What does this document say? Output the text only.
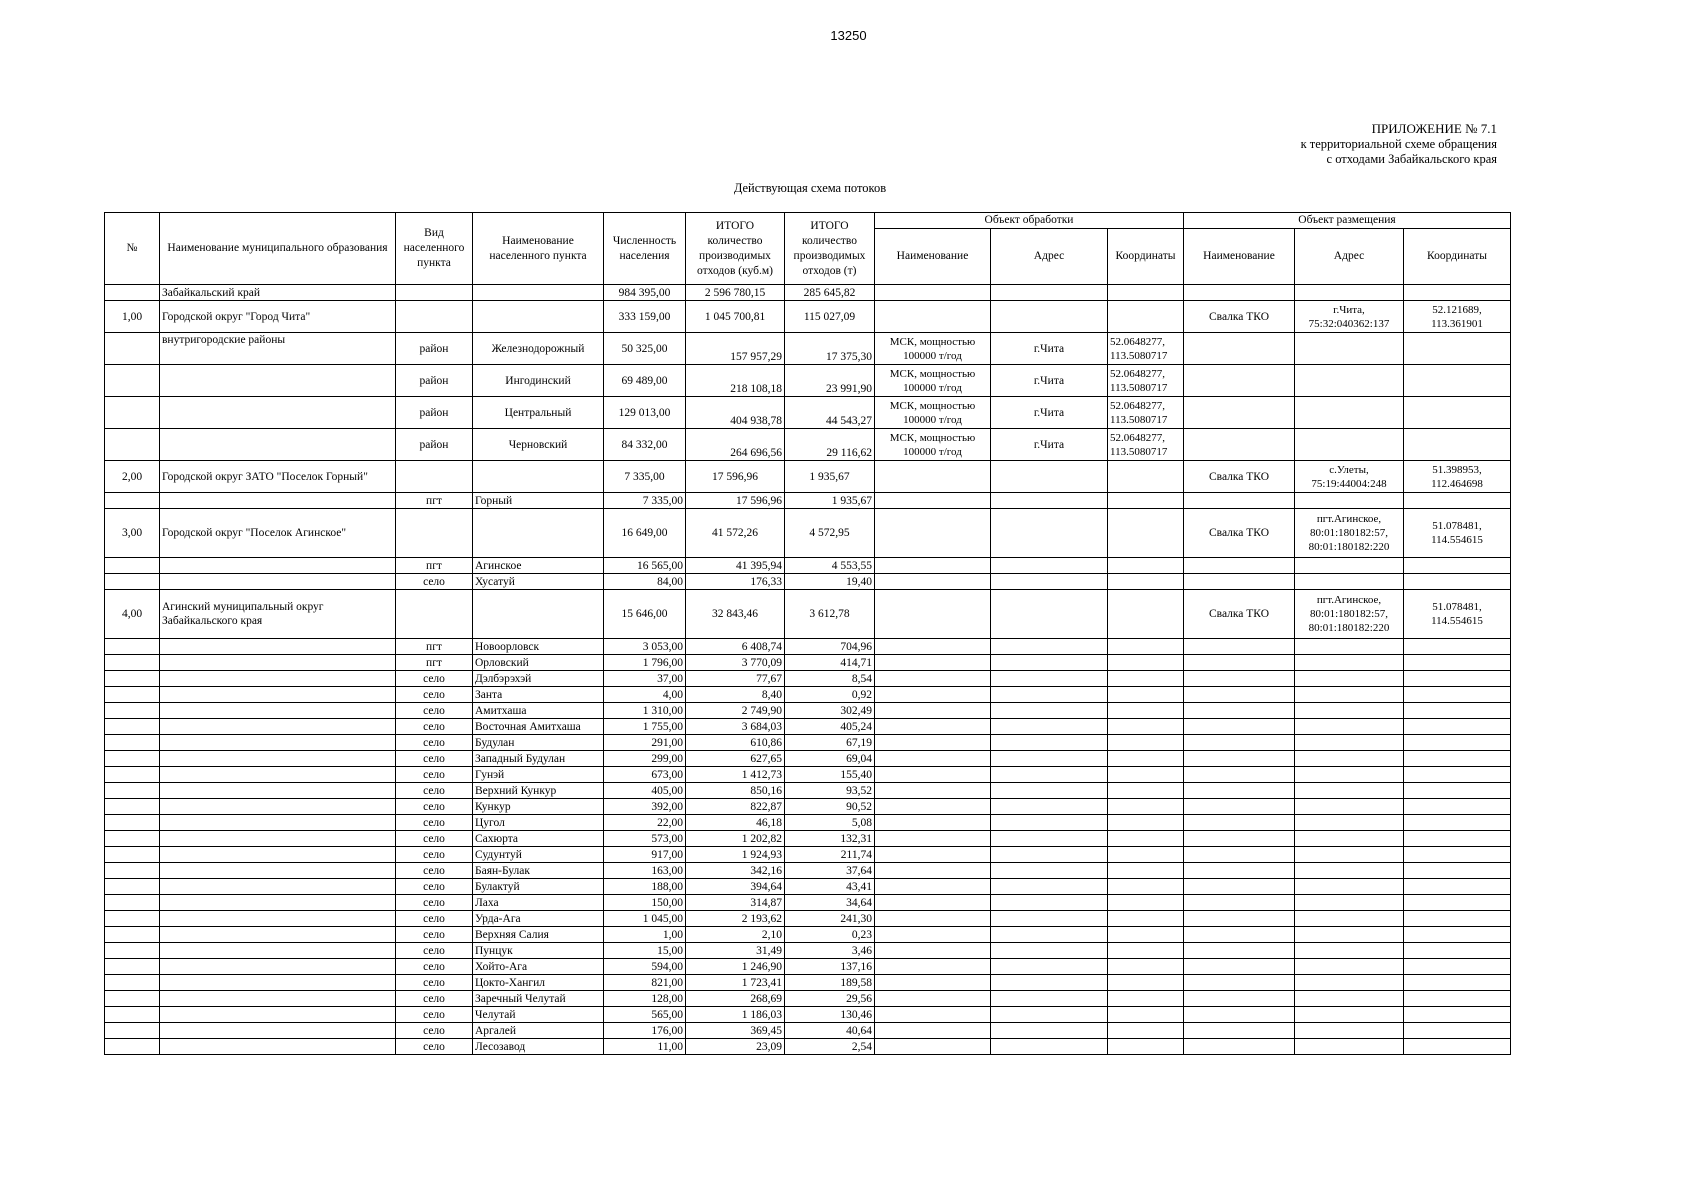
13250
ПРИЛОЖЕНИЕ № 7.1
к территориальной схеме обращения
с отходами Забайкальского края
Действующая схема потоков
№	Наименование муниципального образования	Вид населенного пункта	Наименование населенного пункта	Численность населения	ИТОГО количество производимых отходов (куб.м)	ИТОГО количество производимых отходов (т)	Объект обработки			Объект размещения		
							Наименование	Адрес	Координаты	Наименование	Адрес	Координаты
	Забайкальский край			984 395,00	2 596 780,15	285 645,82						
1,00	Городской округ "Город Чита"			333 159,00	1 045 700,81	115 027,09				Свалка ТКО	г.Чита, 75:32:040362:137	52.121689, 113.361901
	внутригородские районы	район	Железнодорожный	50 325,00	157 957,29	17 375,30	МСК, мощностью 100000 т/год	г.Чита	52.0648277, 113.5080717			
		район	Ингодинский	69 489,00	218 108,18	23 991,90	МСК, мощностью 100000 т/год	г.Чита	52.0648277, 113.5080717			
		район	Центральный	129 013,00	404 938,78	44 543,27	МСК, мощностью 100000 т/год	г.Чита	52.0648277, 113.5080717			
		район	Черновский	84 332,00	264 696,56	29 116,62	МСК, мощностью 100000 т/год	г.Чита	52.0648277, 113.5080717			
2,00	Городской округ ЗАТО "Поселок Горный"			7 335,00	17 596,96	1 935,67				Свалка ТКО	с.Улеты, 75:19:44004:248	51.398953, 112.464698
		пгт	Горный	7 335,00	17 596,96	1 935,67						
3,00	Городской округ "Поселок Агинское"			16 649,00	41 572,26	4 572,95				Свалка ТКО	пгт.Агинское, 80:01:180182:57, 80:01:180182:220	51.078481, 114.554615
		пгт	Агинское	16 565,00	41 395,94	4 553,55						
		село	Хусатуй	84,00	176,33	19,40						
4,00	Агинский муниципальный округ Забайкальского края			15 646,00	32 843,46	3 612,78				Свалка ТКО	пгт.Агинское, 80:01:180182:57, 80:01:180182:220	51.078481, 114.554615
		пгт	Новоорловск	3 053,00	6 408,74	704,96						
		пгт	Орловский	1 796,00	3 770,09	414,71						
		село	Дэлбэрэхэй	37,00	77,67	8,54						
		село	Занта	4,00	8,40	0,92						
		село	Амитхаша	1 310,00	2 749,90	302,49						
		село	Восточная Амитхаша	1 755,00	3 684,03	405,24						
		село	Будулан	291,00	610,86	67,19						
		село	Западный Будулан	299,00	627,65	69,04						
		село	Гунэй	673,00	1 412,73	155,40						
		село	Верхний Кункур	405,00	850,16	93,52						
		село	Кункур	392,00	822,87	90,52						
		село	Цугол	22,00	46,18	5,08						
		село	Сахюрта	573,00	1 202,82	132,31						
		село	Судунтуй	917,00	1 924,93	211,74						
		село	Баян-Булак	163,00	342,16	37,64						
		село	Булактуй	188,00	394,64	43,41						
		село	Лаха	150,00	314,87	34,64						
		село	Урда-Ага	1 045,00	2 193,62	241,30						
		село	Верхняя Салия	1,00	2,10	0,23						
		село	Пунцук	15,00	31,49	3,46						
		село	Хойто-Ага	594,00	1 246,90	137,16						
		село	Цокто-Хангил	821,00	1 723,41	189,58						
		село	Заречный Челутай	128,00	268,69	29,56						
		село	Челутай	565,00	1 186,03	130,46						
		село	Аргалей	176,00	369,45	40,64						
		село	Лесозавод	11,00	23,09	2,54						
